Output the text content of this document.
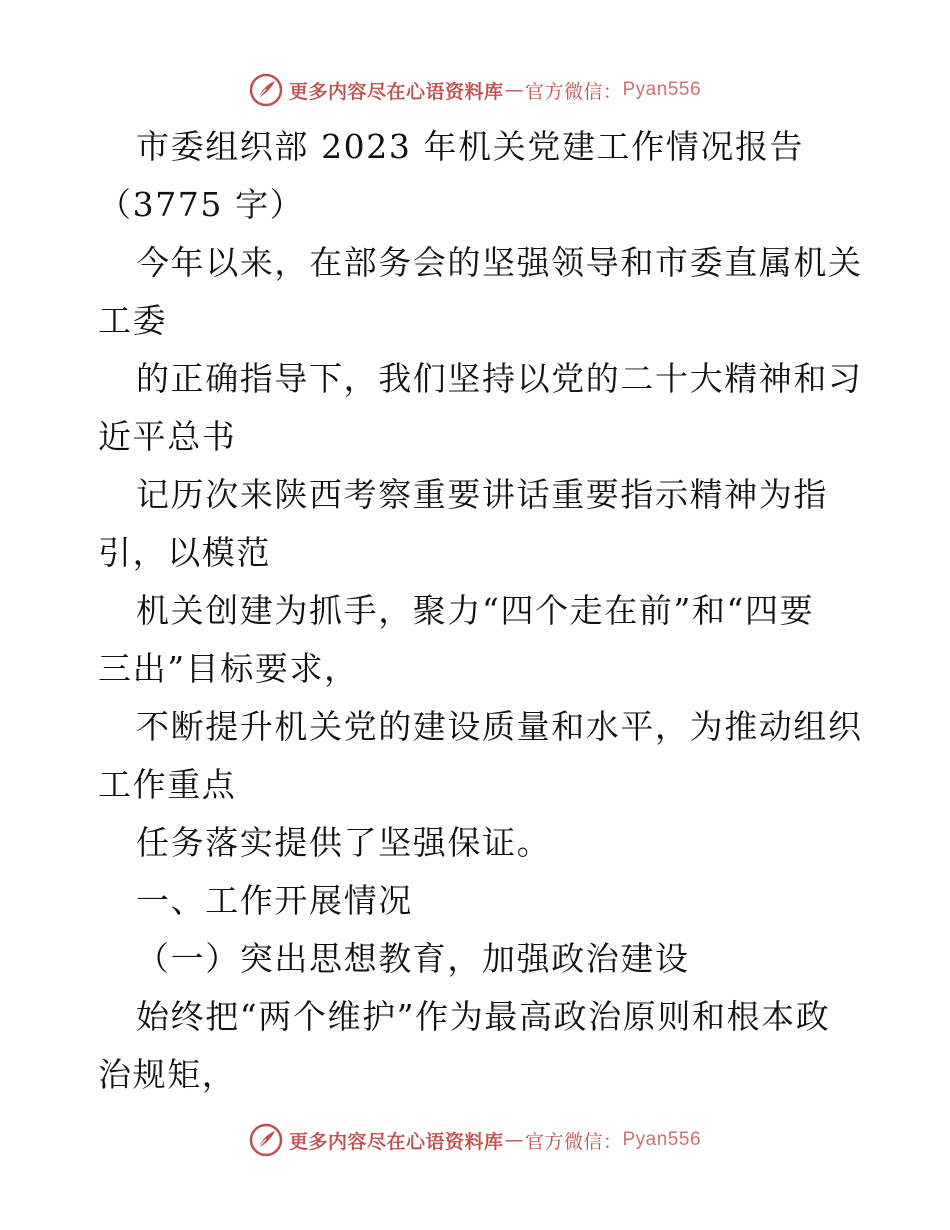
更多内容尽在心语资料库 — 官方微信： Pyan556
市委组织部 2023 年机关党建工作情况报告
（3775 字）
今年以来，在部务会的坚强领导和市委直属机关
工委
的正确指导下，我们坚持以党的二十大精神和习
近平总书
记历次来陕西考察重要讲话重要指示精神为指
引，以模范
机关创建为抓手，聚力“四个走在前”和“四要
三出”目标要求，
不断提升机关党的建设质量和水平，为推动组织
工作重点
任务落实提供了坚强保证。
一、工作开展情况
（一）突出思想教育，加强政治建设
始终把“两个维护”作为最高政治原则和根本政
治规矩，
更多内容尽在心语资料库 — 官方微信： Pyan556
